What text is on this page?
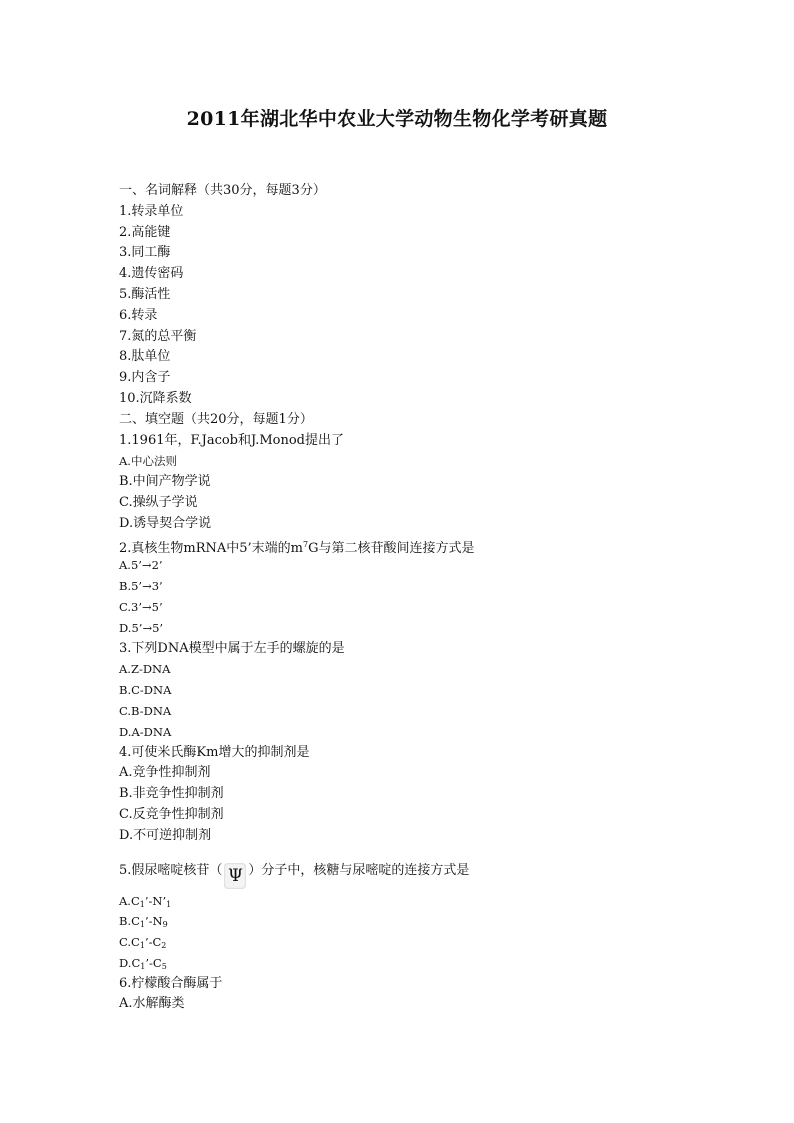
2011年湖北华中农业大学动物生物化学考研真题
一、名词解释（共30分，每题3分）
1.转录单位
2.高能键
3.同工酶
4.遗传密码
5.酶活性
6.转录
7.氮的总平衡
8.肽单位
9.内含子
10.沉降系数
二、填空题（共20分，每题1分）
1.1961年，F.Jacob和J.Monod提出了
A.中心法则
B.中间产物学说
C.操纵子学说
D.诱导契合学说
2.真核生物mRNA中5’末端的$m^7G$与第二核苷酸间连接方式是
A.5’→2’
B.5’→3’
C.3’→5’
D.5’→5’
3.下列DNA模型中属于左手的螺旋的是
A.Z-DNA
B.C-DNA
C.B-DNA
D.A-DNA
4.可使米氏酶Km增大的抑制剂是
A.竞争性抑制剂
B.非竞争性抑制剂
C.反竞争性抑制剂
D.不可逆抑制剂
5.假尿嘧啶核苷（ Ψ ）分子中，核糖与尿嘧啶的连接方式是
$A.C_1’-N’_1$
$B.C_1’-N_9$
$C.C_1’-C_2$
$D.C_1’-C_5$
6.柠檬酸合酶属于
A.水解酶类
